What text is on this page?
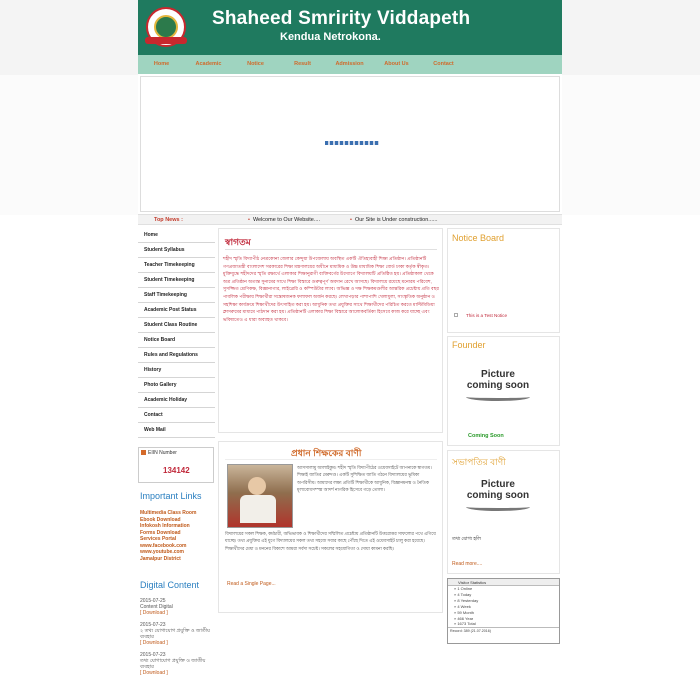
Shaheed Smririty Viddapeth
Kendua Netrokona.
Home	Academic	Notice	Result	Admission	About Us	Contact
Top News :	• Welcome to Our Website....	• Our Site is Under construction......
Home
Student Syllabus
Teacher Timekeeping
Student Timekeeping
Staff Timekeeping
Academic Post Status
Student Class Routine
Notice Board
Rules and Regulations
History
Photo Gallery
Academic Holiday
Contact
Web Mail
EIIN Number
134142
Important Links
Multimedia Class Room
Ebook Download
Infokosh Information
Forms Download
Services Portal
www.facebook.com
www.youtube.com
Jamalpur District
Digital Content
2015-07-25
Content Digital
[ Download ]
2015-07-23
২ তথ্য যোগাযোগ প্রযুক্তি ও জাতীয় ব্যবহার
[ Download ]
2015-07-23
তথ্য যোগাযোগ প্রযুক্তি ও জাতীয় ব্যবহার
[ Download ]
স্বাগতম
শহীদ স্মৃতি বিদ্যাপীঠ নেত্রকোনা জেলার কেন্দুয়া উপজেলায় অবস্থিত একটি ঐতিহ্যবাহী শিক্ষা প্রতিষ্ঠান। প্রতিষ্ঠানটি গণপ্রজাতন্ত্রী বাংলাদেশ সরকারের শিক্ষা মন্ত্রণালয়ের অধীনে মাধ্যমিক ও উচ্চ মাধ্যমিক শিক্ষা বোর্ড ঢাকা কর্তৃক স্বীকৃত। মুক্তিযুদ্ধে শহীদদের স্মৃতি রক্ষার্থে এলাকার শিক্ষানুরাগী ব্যক্তিবর্গের উদ্যোগে বিদ্যালয়টি প্রতিষ্ঠিত হয়। প্রতিষ্ঠাকাল থেকে অত্র প্রতিষ্ঠান অত্যন্ত সুনামের সাথে শিক্ষা বিস্তারে গুরুত্বপূর্ণ অবদান রেখে আসছে। বিদ্যালয়ে রয়েছে মনোরম পরিবেশ, সুসজ্জিত শ্রেণিকক্ষ, বিজ্ঞানাগার, লাইব্রেরি ও কম্পিউটার ল্যাব। অভিজ্ঞ ও দক্ষ শিক্ষকমণ্ডলীর আন্তরিক প্রচেষ্টায় প্রতি বছর পাবলিক পরীক্ষায় শিক্ষার্থীরা সন্তোষজনক ফলাফল অর্জন করছে। লেখাপড়ার পাশাপাশি খেলাধুলা, সাংস্কৃতিক অনুষ্ঠান ও সহশিক্ষা কার্যক্রমে শিক্ষার্থীদের উৎসাহিত করা হয়। আধুনিক তথ্য প্রযুক্তির সাথে শিক্ষার্থীদের পরিচিত করতে মাল্টিমিডিয়া ক্লাসরুমের মাধ্যমে পাঠদান করা হয়। প্রতিষ্ঠানটি এলাকার শিক্ষা বিস্তারে আলোকবর্তিকা হিসেবে কাজ করে যাচ্ছে এবং ভবিষ্যতেও এ ধারা অব্যাহত থাকবে।
প্রধান শিক্ষকের বাণী
আসসালামু আলাইকুম। শহীদ স্মৃতি বিদ্যাপীঠের ওয়েবসাইটে আপনাকে স্বাগতম। শিক্ষাই জাতির মেরুদণ্ড। একটি সুশিক্ষিত জাতি গঠনে বিদ্যালয়ের ভূমিকা অপরিসীম। আমাদের লক্ষ্য প্রতিটি শিক্ষার্থীকে আধুনিক, বিজ্ঞানমনস্ক ও নৈতিক মূল্যবোধসম্পন্ন আদর্শ নাগরিক হিসেবে গড়ে তোলা।
বিদ্যালয়ের সকল শিক্ষক, কর্মচারী, অভিভাবক ও শিক্ষার্থীদের সম্মিলিত প্রচেষ্টায় প্রতিষ্ঠানটি উত্তরোত্তর সাফল্যের পথে এগিয়ে যাচ্ছে। তথ্য প্রযুক্তির এই যুগে বিদ্যালয়ের সকল তথ্য সহজে সবার কাছে পৌঁছে দিতে এই ওয়েবসাইট চালু করা হয়েছে। শিক্ষার্থীদের মেধা ও মননের বিকাশে আমরা সর্বদা সচেষ্ট। সকলের সহযোগিতা ও দোয়া কামনা করছি।
Read a Single Page...
Notice Board
This is a Test Notice
Founder
Picture
coming soon
Coming Soon
সভাপতির বাণী
Picture
coming soon
তথ্য যোগ্য হলি
Read more....
Visitor Statistics
» 1 Online
» 4 Today
» 8 Yesterday
» 4 Week
» 59 Month
» 466 Year
» 1673 Total
Record: 389 (21.07.2016)
